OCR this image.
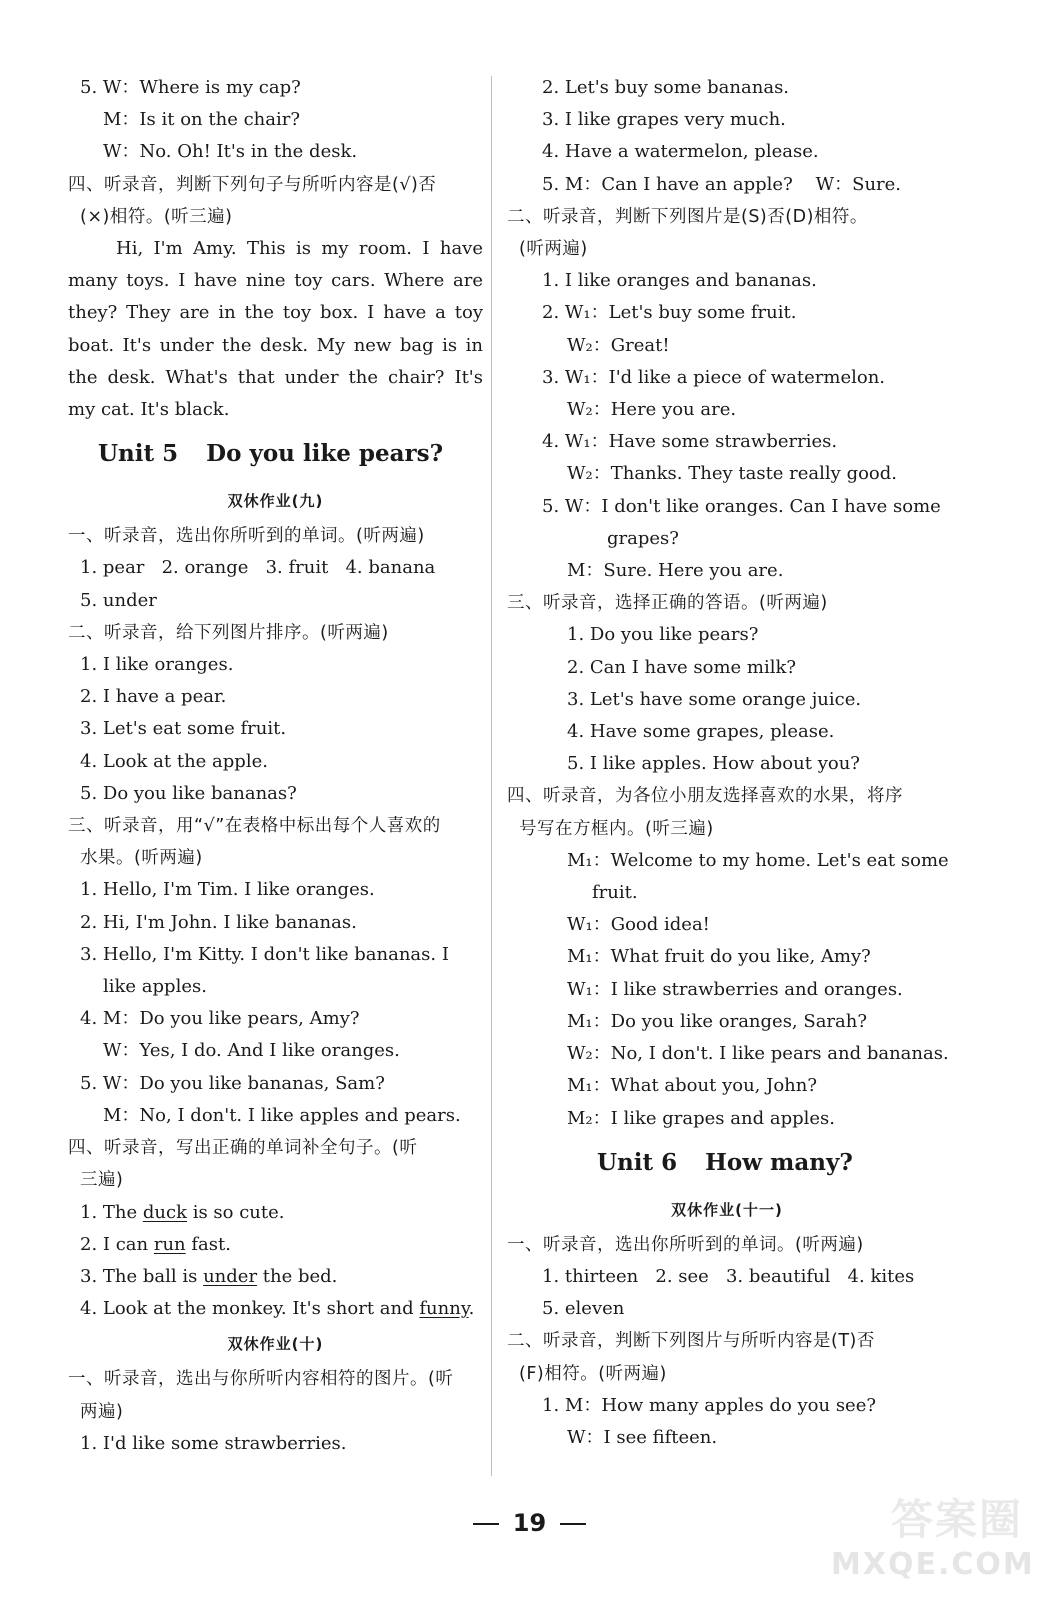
5. W：Where is my cap?
M：Is it on the chair?
W：No. Oh! It's in the desk.
四、听录音，判断下列句子与所听内容是(√)否
(×)相符。(听三遍)
Hi, I'm Amy. This is my room. I have many toys. I have nine toy cars. Where are they? They are in the toy box. I have a toy boat. It's under the desk. My new bag is in the desk. What's that under the chair? It's my cat. It's black.
Unit 5 Do you like pears?
双休作业(九)
一、听录音，选出你所听到的单词。(听两遍)
1. pear   2. orange   3. fruit   4. banana
5. under
二、听录音，给下列图片排序。(听两遍)
1. I like oranges.
2. I have a pear.
3. Let's eat some fruit.
4. Look at the apple.
5. Do you like bananas?
三、听录音，用“√”在表格中标出每个人喜欢的
水果。(听两遍)
1. Hello, I'm Tim. I like oranges.
2. Hi, I'm John. I like bananas.
3. Hello, I'm Kitty. I don't like bananas. I
like apples.
4. M：Do you like pears, Amy?
W：Yes, I do. And I like oranges.
5. W：Do you like bananas, Sam?
M：No, I don't. I like apples and pears.
四、听录音，写出正确的单词补全句子。(听
三遍)
1. The duck is so cute.
2. I can run fast.
3. The ball is under the bed.
4. Look at the monkey. It's short and funny.
双休作业(十)
一、听录音，选出与你所听内容相符的图片。(听
两遍)
1. I'd like some strawberries.
2. Let's buy some bananas.
3. I like grapes very much.
4. Have a watermelon, please.
5. M：Can I have an apple?    W：Sure.
二、听录音，判断下列图片是(S)否(D)相符。
(听两遍)
1. I like oranges and bananas.
2. W₁：Let's buy some fruit.
W₂：Great!
3. W₁：I'd like a piece of watermelon.
W₂：Here you are.
4. W₁：Have some strawberries.
W₂：Thanks. They taste really good.
5. W：I don't like oranges. Can I have some
grapes?
M：Sure. Here you are.
三、听录音，选择正确的答语。(听两遍)
1. Do you like pears?
2. Can I have some milk?
3. Let's have some orange juice.
4. Have some grapes, please.
5. I like apples. How about you?
四、听录音，为各位小朋友选择喜欢的水果，将序
号写在方框内。(听三遍)
M₁：Welcome to my home. Let's eat some
fruit.
W₁：Good idea!
M₁：What fruit do you like, Amy?
W₁：I like strawberries and oranges.
M₁：Do you like oranges, Sarah?
W₂：No, I don't. I like pears and bananas.
M₁：What about you, John?
M₂：I like grapes and apples.
Unit 6 How many?
双休作业(十一)
一、听录音，选出你所听到的单词。(听两遍)
1. thirteen   2. see   3. beautiful   4. kites
5. eleven
二、听录音，判断下列图片与所听内容是(T)否
(F)相符。(听两遍)
1. M：How many apples do you see?
W：I see fifteen.
19	答案圈
MXQE.COM
